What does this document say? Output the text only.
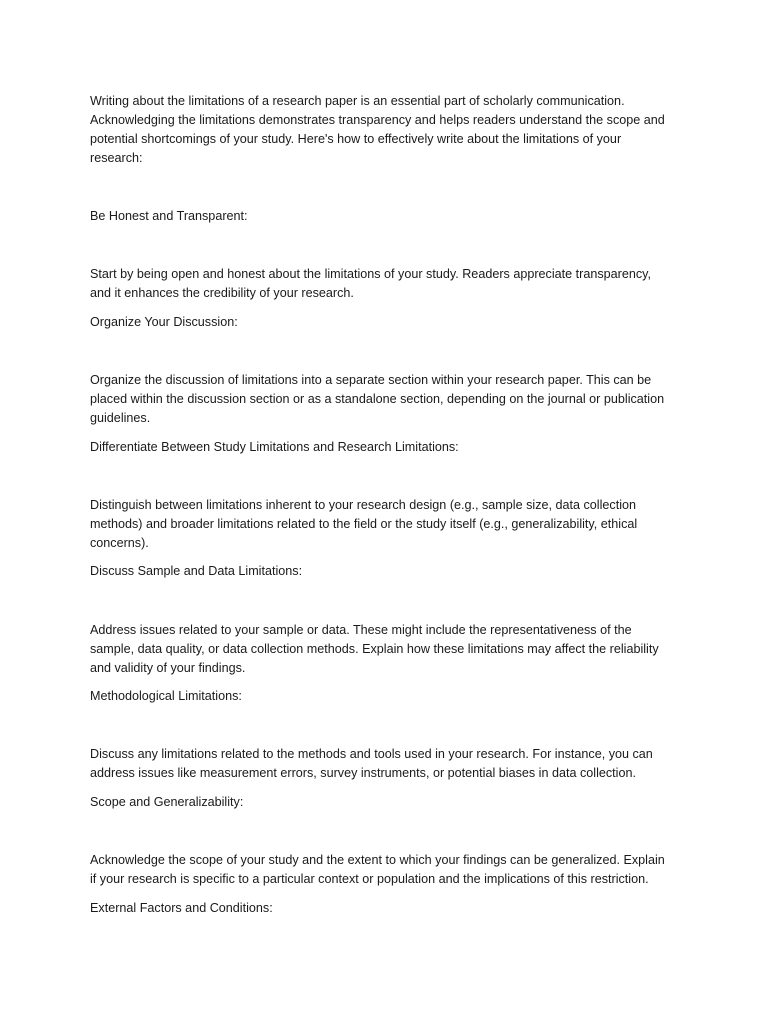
Writing about the limitations of a research paper is an essential part of scholarly communication.
Acknowledging the limitations demonstrates transparency and helps readers understand the scope and
potential shortcomings of your study. Here's how to effectively write about the limitations of your
research:

Be Honest and Transparent:

Start by being open and honest about the limitations of your study. Readers appreciate transparency,
and it enhances the credibility of your research.

Organize Your Discussion:

Organize the discussion of limitations into a separate section within your research paper. This can be
placed within the discussion section or as a standalone section, depending on the journal or publication
guidelines.

Differentiate Between Study Limitations and Research Limitations:

Distinguish between limitations inherent to your research design (e.g., sample size, data collection
methods) and broader limitations related to the field or the study itself (e.g., generalizability, ethical
concerns).

Discuss Sample and Data Limitations:

Address issues related to your sample or data. These might include the representativeness of the
sample, data quality, or data collection methods. Explain how these limitations may affect the reliability
and validity of your findings.

Methodological Limitations:

Discuss any limitations related to the methods and tools used in your research. For instance, you can
address issues like measurement errors, survey instruments, or potential biases in data collection.

Scope and Generalizability:

Acknowledge the scope of your study and the extent to which your findings can be generalized. Explain
if your research is specific to a particular context or population and the implications of this restriction.

External Factors and Conditions:
